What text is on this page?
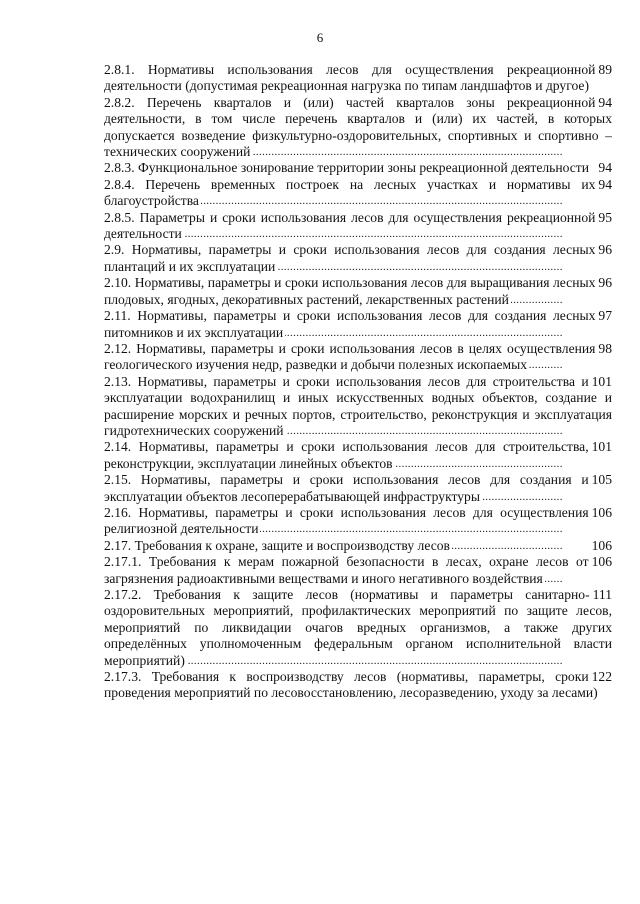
6
89
2.8.1. Нормативы использования лесов для осуществления рекреационной деятельности (допустимая рекреационная нагрузка по типам ландшафтов и другое) . . .
94
2.8.2. Перечень кварталов и (или) частей кварталов зоны рекреационной деятельности, в том числе перечень кварталов и (или) их частей, в которых допускается возведение физкультурно-оздоровительных, спортивных и спортивно – технических сооружений . . .
94
2.8.3. Функциональное зонирование территории зоны рекреационной деятельности . . .
94
2.8.4. Перечень временных построек на лесных участках и нормативы их благоустройства . . .
95
2.8.5. Параметры и сроки использования лесов для осуществления рекреационной деятельности . . .
96
2.9. Нормативы, параметры и сроки использования лесов для создания лесных плантаций и их эксплуатации . . .
96
2.10. Нормативы, параметры и сроки использования лесов для выращивания лесных плодовых, ягодных, декоративных растений, лекарственных растений . . .
97
2.11. Нормативы, параметры и сроки использования лесов для создания лесных питомников и их эксплуатации . . .
98
2.12. Нормативы, параметры и сроки использования лесов в целях осуществления геологического изучения недр, разведки и добычи полезных ископаемых . . .
101
2.13. Нормативы, параметры и сроки использования лесов для строительства и эксплуатации водохранилищ и иных искусственных водных объектов, создание и расширение морских и речных портов, строительство, реконструкция и эксплуатация гидротехнических сооружений . . .
101
2.14. Нормативы, параметры и сроки использования лесов для строительства, реконструкции, эксплуатации линейных объектов . . .
105
2.15. Нормативы, параметры и сроки использования лесов для создания и эксплуатации объектов лесоперерабатывающей инфраструктуры . . .
106
2.16. Нормативы, параметры и сроки использования лесов для осуществления религиозной деятельности . . .
106
2.17. Требования к охране, защите и воспроизводству лесов . . .
106
2.17.1. Требования к мерам пожарной безопасности в лесах, охране лесов от загрязнения радиоактивными веществами и иного негативного воздействия . . .
111
2.17.2. Требования к защите лесов (нормативы и параметры санитарно-оздоровительных мероприятий, профилактических мероприятий по защите лесов, мероприятий по ликвидации очагов вредных организмов, а также других определённых уполномоченным федеральным органом исполнительной власти мероприятий) . . .
122
2.17.3. Требования к воспроизводству лесов (нормативы, параметры, сроки проведения мероприятий по лесовосстановлению, лесоразведению, уходу за лесами) . . .
